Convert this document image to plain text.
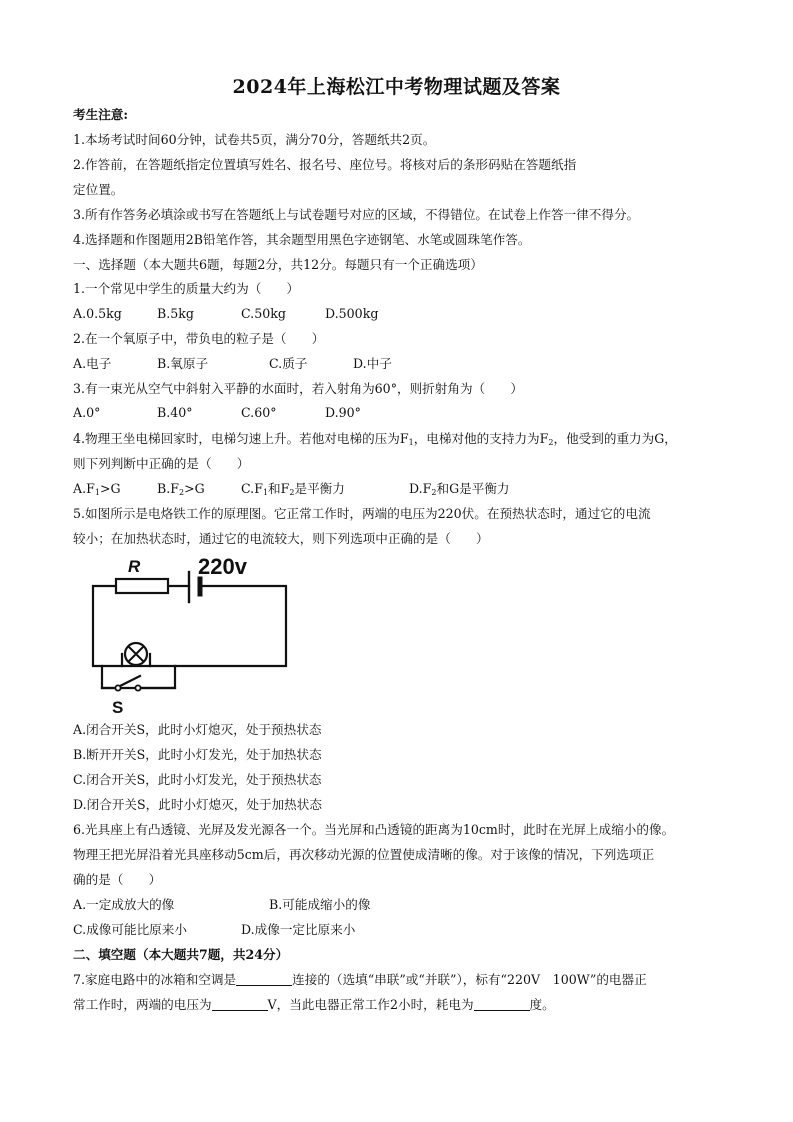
2024年上海松江中考物理试题及答案
考生注意:
1.本场考试时间60分钟，试卷共5页，满分70分，答题纸共2页。
2.作答前，在答题纸指定位置填写姓名、报名号、座位号。将核对后的条形码贴在答题纸指
定位置。
3.所有作答务必填涂或书写在答题纸上与试卷题号对应的区域，不得错位。在试卷上作答一律不得分。
4.选择题和作图题用2B铅笔作答，其余题型用黑色字迹钢笔、水笔或圆珠笔作答。
一、选择题（本大题共6题，每题2分，共12分。每题只有一个正确选项）
1.一个常见中学生的质量大约为（　　）
A.0.5kg	B.5kg	C.50kg	D.500kg
2.在一个氧原子中，带负电的粒子是（　　）
A.电子	B.氧原子	C.质子	D.中子
3.有一束光从空气中斜射入平静的水面时，若入射角为60°，则折射角为（　　）
A.0°	B.40°	C.60°	D.90°
4.物理王坐电梯回家时，电梯匀速上升。若他对电梯的压为$F_1$，电梯对他的支持力为$F_2$，他受到的重力为G，
则下列判断中正确的是（　　）
$A.F_1>G$	$B.F_2>G$	$C.F_1$和$F_2$是平衡力	$D.F_2$和G是平衡力
5.如图所示是电烙铁工作的原理图。它正常工作时，两端的电压为220伏。在预热状态时，通过它的电流
较小；在加热状态时，通过它的电流较大，则下列选项中正确的是（　　）
R	220v
S
A.闭合开关S，此时小灯熄灭，处于预热状态
B.断开开关S，此时小灯发光，处于加热状态
C.闭合开关S，此时小灯发光，处于预热状态
D.闭合开关S，此时小灯熄灭，处于加热状态
6.光具座上有凸透镜、光屏及发光源各一个。当光屏和凸透镜的距离为10cm时，此时在光屏上成缩小的像。
物理王把光屏沿着光具座移动5cm后，再次移动光源的位置使成清晰的像。对于该像的情况，下列选项正
确的是（　　）
A.一定成放大的像	B.可能成缩小的像
C.成像可能比原来小	D.成像一定比原来小
二、填空题（本大题共7题，共24分）
7.家庭电路中的冰箱和空调是	连接的（选填“串联”或“并联”），标有“220V　100W”的电器正
常工作时，两端的电压为	V，当此电器正常工作2小时，耗电为	度。
